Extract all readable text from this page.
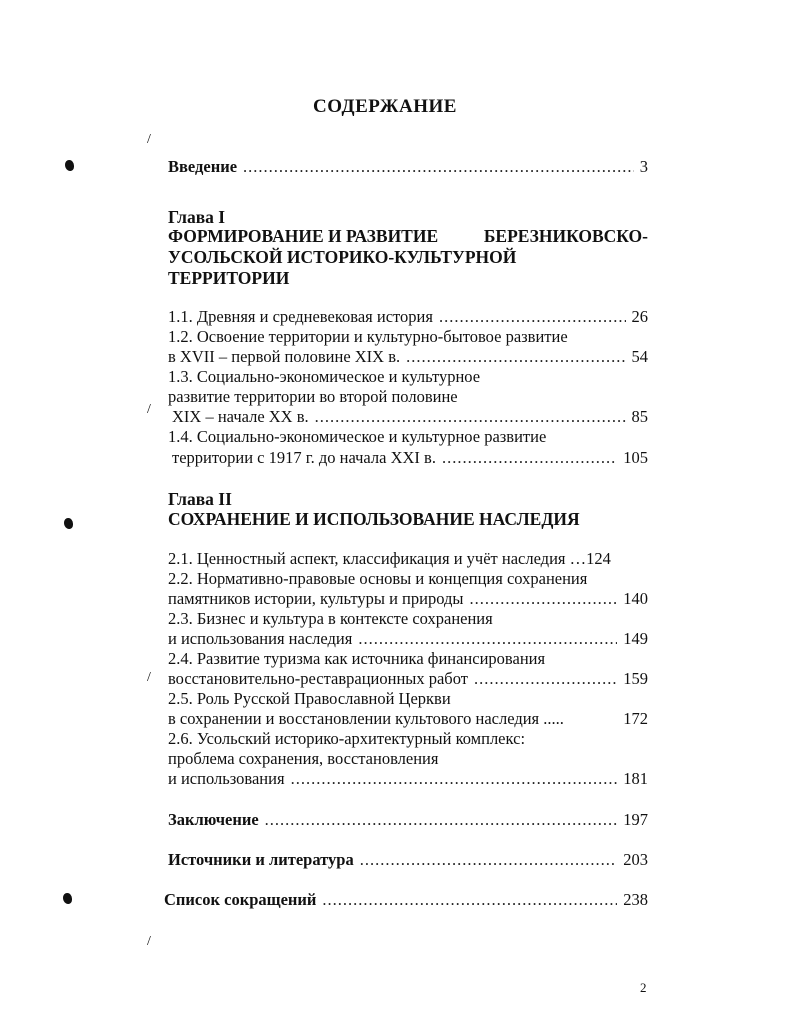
СОДЕРЖАНИЕ
Введение .....	3
Глава I
ФОРМИРОВАНИЕ И РАЗВИТИЕ	БЕРЕЗНИКОВСКО-
УСОЛЬСКОЙ ИСТОРИКО-КУЛЬТУРНОЙ
ТЕРРИТОРИИ
1.1. Древняя и средневековая история .....	26
1.2. Освоение территории и культурно-бытовое развитие
в XVII – первой половине XIX в. .....	54
1.3. Социально-экономическое и культурное
развитие территории во второй половине
XIX – начале XX в. .....	85
1.4. Социально-экономическое и культурное развитие
территории с 1917 г. до начала XXI в. .....	105
Глава II
СОХРАНЕНИЕ И ИСПОЛЬЗОВАНИЕ НАСЛЕДИЯ
2.1. Ценностный аспект, классификация и учёт наследия … 124
2.2. Нормативно-правовые основы и концепция сохранения
памятников истории, культуры и природы .....	140
2.3. Бизнес и культура в контексте сохранения
и использования наследия .....	149
2.4. Развитие туризма как источника финансирования
восстановительно-реставрационных работ .....	159
2.5. Роль Русской Православной Церкви
в сохранении и восстановлении культового наследия .....	172
2.6. Усольский историко-архитектурный комплекс:
проблема сохранения, восстановления
и использования .....	181
Заключение .....	197
Источники и литература .....	203
Список сокращений .....	238
2
/
/
/
/
